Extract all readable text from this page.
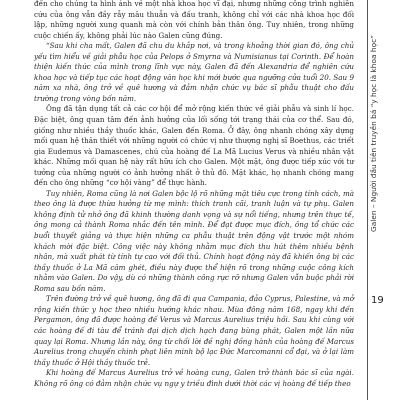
đến cho chúng ta hình ảnh về một nhà khoa học vĩ đại, nhưng những công trình nghiên cứu của ông vẫn đầy rẫy mâu thuẫn và đấu tranh, không chỉ với các nhà khoa học đối lập, những người xung quanh mà còn với chính bản thân ông. Tuy nhiên, trong những cuộc chiến ấy, không phải lúc nào Galen cũng đúng.

“Sau khi cha mất, Galen đã chu du khắp nơi, và trong khoảng thời gian đó, ông chủ yếu tìm hiểu về giải phẫu học của Pelops ở Smyrna và Numisianus tại Corinth. Để hoàn thiện kiến thức của mình trong lĩnh vực này, Galen đã đến Alexandria để nghiên cứu khoa học và tiếp tục các hoạt động văn học khi mới bước qua ngưỡng cửa tuổi 20. Sau 9 năm xa nhà, ông trở về quê hương và đảm nhận chức vụ bác sĩ phẫu thuật cho đấu trường trong vòng bốn năm.

Ông đã tận dụng tất cả các cơ hội để mở rộng kiến thức về giải phẫu và sinh lí học. Đặc biệt, ông quan tâm đến ảnh hưởng của lối sống tới trạng thái của cơ thể. Sau đó, giống như nhiều thầy thuốc khác, Galen đến Roma. Ở đây, ông nhanh chóng xây dựng mối quan hệ thân thiết với những người có chức vị như thượng nghị sĩ Boethus, các triết gia Eudemus và Damascenes, chú của hoàng đế La Mã Lucius Verus và nhiều nhân vật khác. Những mối quan hệ này rất hữu ích cho Galen. Một mặt, ông được tiếp xúc với tư tưởng của những người có ảnh hưởng nhất ở thủ đô. Mặt khác, họ nhanh chóng mang đến cho ông những “cơ hội vàng” để thực hành.

Tuy nhiên, Roma cũng là nơi Galen bộc lộ rõ những mặt tiêu cực trong tính cách, mà theo ông là được thừa hưởng từ mẹ mình: thích tranh cãi, tranh luận và tự phụ. Galen không định tử nhở ông đã khinh thường danh vọng và sự nổi tiếng, nhưng trên thực tế, ông mong cả thành Roma nhắc đến tên mình. Để đạt được mục đích, ông tổ chức các buổi thuyết giảng và thực hiện những ca phẫu thuật trên động vật trước một nhóm khách mời đặc biệt. Công việc này không nhằm mục đích thu hút thêm nhiều bệnh nhân, mà xuất phát từ tính tự cao với đối thủ. Chính hoạt động này đã khiến ông bị các thầy thuốc ở La Mã căm ghét, điều này được thể hiện rõ trong những cuộc công kích nhằm vào Galen. Do vậy, dù có những thành công rực rỡ nhưng Galen vẫn buộc phải rời Roma sau bốn năm.

Trên đường trở về quê hương, ông đã đi qua Campania, đảo Cyprus, Palestine, và mở rộng kiến thức y học theo nhiều hướng khác nhau. Mùa đông năm 168, ngay khi đến Pergamon, ông đã được hoàng đế Verus và Marcus Aurelius triệu hồi. Sau khi cùng với các hoàng đế đi tàu để tránh đại dịch dịch hạch đang bùng phát, Galen một lần nữa quay lại Roma. Nhưng lần này, ông từ chối lời đề nghị đồng hành của hoàng đế Marcus Aurelius trong chuyến chinh phạt liên minh bộ lạc Đức Marcomanni cổ đại, và ở lại làm thầy thuốc ở Hội thầy thuốc trẻ.

Khi hoàng đế Marcus Aurelius trở về hoàng cung, Galen trở thành bác sĩ của ngài. Không rõ ông có đảm nhận chức vụ ngự y triều đình dưới thời các vị hoàng đế tiếp theo

Galen – Người đầu tiên truyền bá “y học là khoa học”
19
